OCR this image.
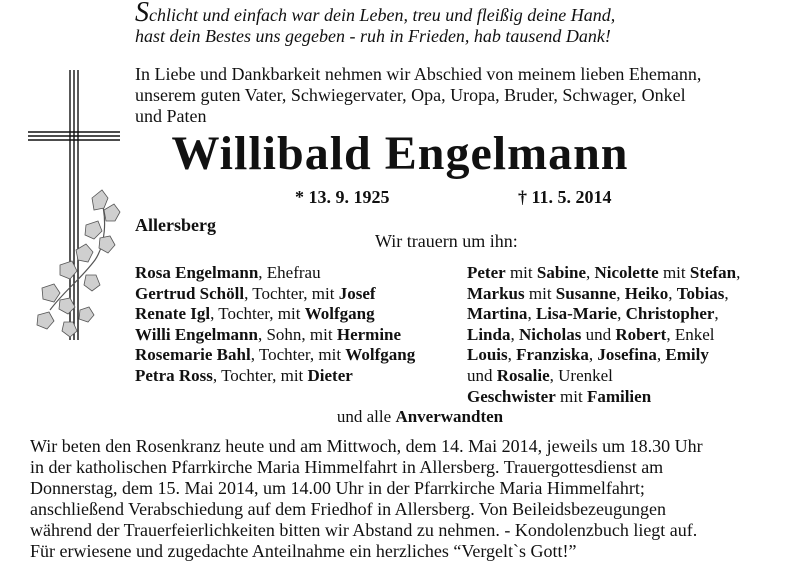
Schlicht und einfach war dein Leben, treu und fleißig deine Hand,
hast dein Bestes uns gegeben - ruh in Frieden, hab tausend Dank!
In Liebe und Dankbarkeit nehmen wir Abschied von meinem lieben Ehemann,
unserem guten Vater, Schwiegervater, Opa, Uropa, Bruder, Schwager, Onkel
und Paten
Willibald Engelmann
* 13. 9. 1925	† 11. 5. 2014
Allersberg
Wir trauern um ihn:
Rosa Engelmann, Ehefrau
Gertrud Schöll, Tochter, mit Josef
Renate Igl, Tochter, mit Wolfgang
Willi Engelmann, Sohn, mit Hermine
Rosemarie Bahl, Tochter, mit Wolfgang
Petra Ross, Tochter, mit Dieter
Peter mit Sabine, Nicolette mit Stefan,
Markus mit Susanne, Heiko, Tobias,
Martina, Lisa-Marie, Christopher,
Linda, Nicholas und Robert, Enkel
Louis, Franziska, Josefina, Emily
und Rosalie, Urenkel
Geschwister mit Familien
und alle Anverwandten
Wir beten den Rosenkranz heute und am Mittwoch, dem 14. Mai 2014, jeweils um 18.30 Uhr
in der katholischen Pfarrkirche Maria Himmelfahrt in Allersberg. Trauergottesdienst am
Donnerstag, dem 15. Mai 2014, um 14.00 Uhr in der Pfarrkirche Maria Himmelfahrt;
anschließend Verabschiedung auf dem Friedhof in Allersberg. Von Beileidsbezeugungen
während der Trauerfeierlichkeiten bitten wir Abstand zu nehmen. - Kondolenzbuch liegt auf.
Für erwiesene und zugedachte Anteilnahme ein herzliches “Vergelt`s Gott!”
